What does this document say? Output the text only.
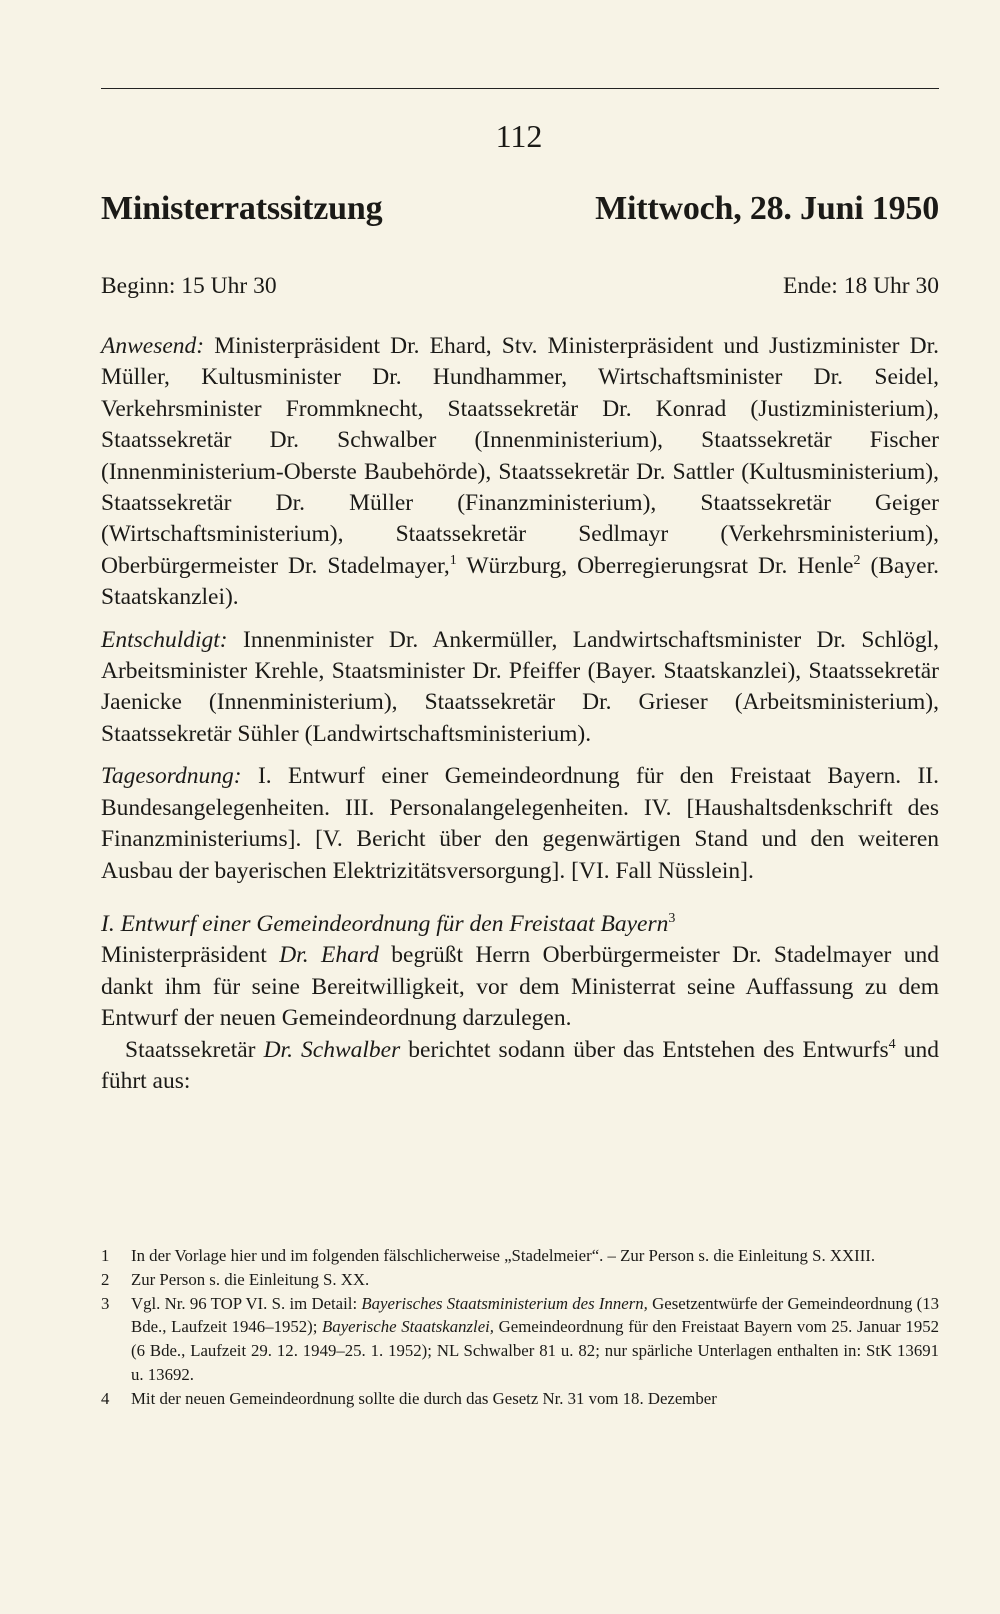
112
Ministerratssitzung	Mittwoch, 28. Juni 1950
Beginn: 15 Uhr 30	Ende: 18 Uhr 30

Anwesend: Ministerpräsident Dr. Ehard, Stv. Ministerpräsident und Justizminister Dr. Müller, Kultusminister Dr. Hundhammer, Wirtschaftsminister Dr. Seidel, Verkehrsminister Frommknecht, Staatssekretär Dr. Konrad (Justizministerium), Staatssekretär Dr. Schwalber (Innenministerium), Staatssekretär Fischer (Innenministerium-Oberste Baubehörde), Staatssekretär Dr. Sattler (Kultusministerium), Staatssekretär Dr. Müller (Finanzministerium), Staatssekretär Geiger (Wirtschaftsministerium), Staatssekretär Sedlmayr (Verkehrsministerium), Oberbürgermeister Dr. Stadelmayer,$^1$ Würzburg, Oberregierungsrat Dr. Henle$^2$ (Bayer. Staatskanzlei).

Entschuldigt: Innenminister Dr. Ankermüller, Landwirtschaftsminister Dr. Schlögl, Arbeitsminister Krehle, Staatsminister Dr. Pfeiffer (Bayer. Staatskanzlei), Staatssekretär Jaenicke (Innenministerium), Staatssekretär Dr. Grieser (Arbeitsministerium), Staatssekretär Sühler (Landwirtschaftsministerium).

Tagesordnung: I. Entwurf einer Gemeindeordnung für den Freistaat Bayern. II. Bundesangelegenheiten. III. Personalangelegenheiten. IV. [Haushaltsdenkschrift des Finanzministeriums]. [V. Bericht über den gegenwärtigen Stand und den weiteren Ausbau der bayerischen Elektrizitätsversorgung]. [VI. Fall Nüsslein].

I. Entwurf einer Gemeindeordnung für den Freistaat Bayern$^3$

Ministerpräsident Dr. Ehard begrüßt Herrn Oberbürgermeister Dr. Stadelmayer und dankt ihm für seine Bereitwilligkeit, vor dem Ministerrat seine Auffassung zu dem Entwurf der neuen Gemeindeordnung darzulegen.

Staatssekretär Dr. Schwalber berichtet sodann über das Entstehen des Entwurfs$^4$ und führt aus:

1	In der Vorlage hier und im folgenden fälschlicherweise „Stadelmeier“. – Zur Person s. die Einleitung S. XXIII.
2	Zur Person s. die Einleitung S. XX.
3	Vgl. Nr. 96 TOP VI. S. im Detail: Bayerisches Staatsministerium des Innern, Gesetzentwürfe der Gemeindeordnung (13 Bde., Laufzeit 1946–1952); Bayerische Staatskanzlei, Gemeindeordnung für den Freistaat Bayern vom 25. Januar 1952 (6 Bde., Laufzeit 29. 12. 1949–25. 1. 1952); NL Schwalber 81 u. 82; nur spärliche Unterlagen enthalten in: StK 13691 u. 13692.
4	Mit der neuen Gemeindeordnung sollte die durch das Gesetz Nr. 31 vom 18. Dezember
